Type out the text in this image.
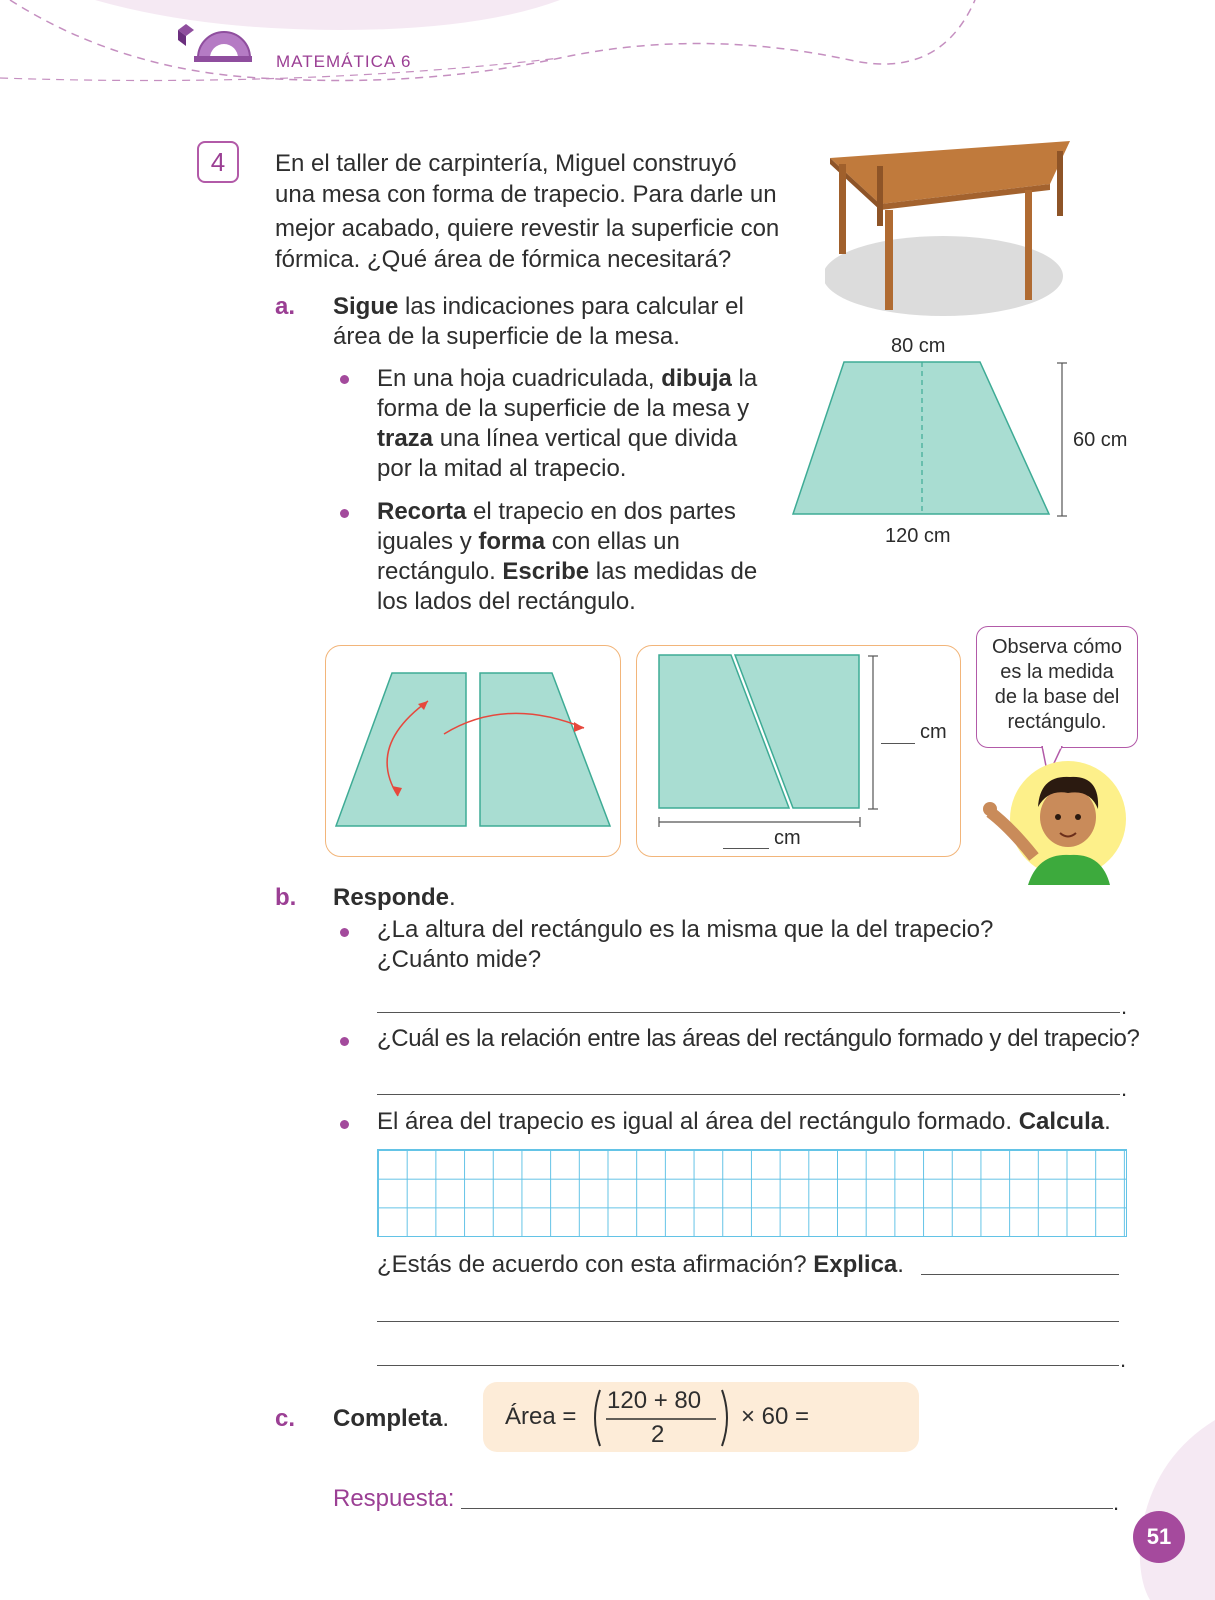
MATEMÁTICA 6
4 En el taller de carpintería, Miguel construyó
una mesa con forma de trapecio. Para darle un
mejor acabado, quiere revestir la superficie con
fórmica. ¿Qué área de fórmica necesitará?
a. Sigue las indicaciones para calcular el
área de la superficie de la mesa.
En una hoja cuadriculada, dibuja la
forma de la superficie de la mesa y
traza una línea vertical que divida
por la mitad al trapecio.
Recorta el trapecio en dos partes
iguales y forma con ellas un
rectángulo. Escribe las medidas de
los lados del rectángulo.
80 cm
120 cm
60 cm
cm
cm
Observa cómo
es la medida
de la base del
rectángulo.
b. Responde.
¿La altura del rectángulo es la misma que la del trapecio?
¿Cuánto mide?
.
¿Cuál es la relación entre las áreas del rectángulo formado y del trapecio?
.
El área del trapecio es igual al área del rectángulo formado. Calcula.
¿Estás de acuerdo con esta afirmación? Explica.
.
c. Completa. Área =
120 + 80
2
× 60 =
Respuesta:	.
51
